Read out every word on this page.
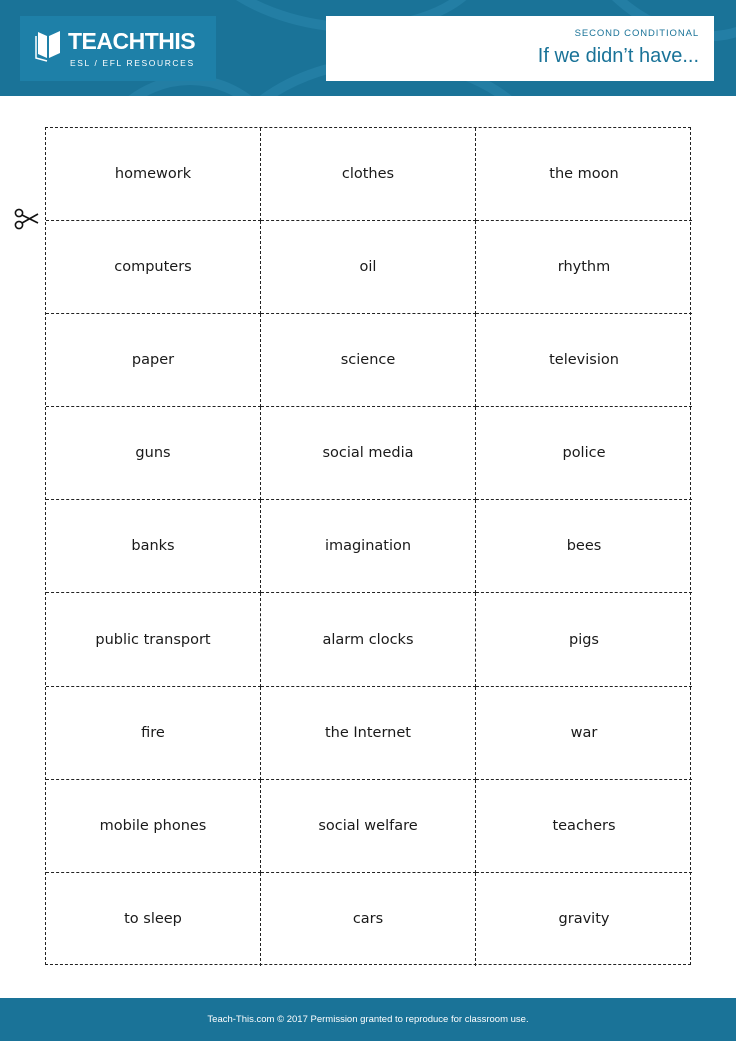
TEACHTHIS
ESL / EFL RESOURCES
SECOND CONDITIONAL
If we didn’t have...
homework	clothes	the moon
computers	oil	rhythm
paper	science	television
guns	social media	police
banks	imagination	bees
public transport	alarm clocks	pigs
fire	the Internet	war
mobile phones	social welfare	teachers
to sleep	cars	gravity
Teach-This.com © 2017 Permission granted to reproduce for classroom use.
